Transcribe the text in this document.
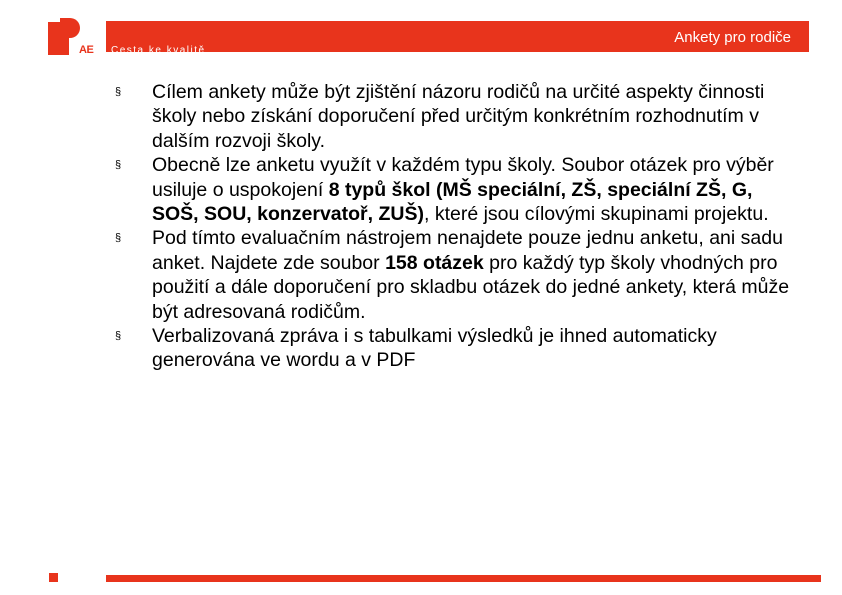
AE
Ankety pro rodiče
Cesta ke kvalitě
§ Cílem ankety může být zjištění názoru rodičů na určité aspekty činnosti školy nebo získání doporučení před určitým konkrétním rozhodnutím v dalším rozvoji školy.
§ Obecně lze anketu využít v každém typu školy. Soubor otázek pro výběr usiluje o uspokojení 8 typů škol (MŠ speciální, ZŠ, speciální ZŠ, G, SOŠ, SOU, konzervatoř, ZUŠ), které jsou cílovými skupinami projektu.
§ Pod tímto evaluačním nástrojem nenajdete pouze jednu anketu, ani sadu anket. Najdete zde soubor 158 otázek pro každý typ školy vhodných pro použití a dále doporučení pro skladbu otázek do jedné ankety, která může být adresovaná rodičům.
§ Verbalizovaná zpráva i s tabulkami výsledků je ihned automaticky generována ve wordu a v PDF
